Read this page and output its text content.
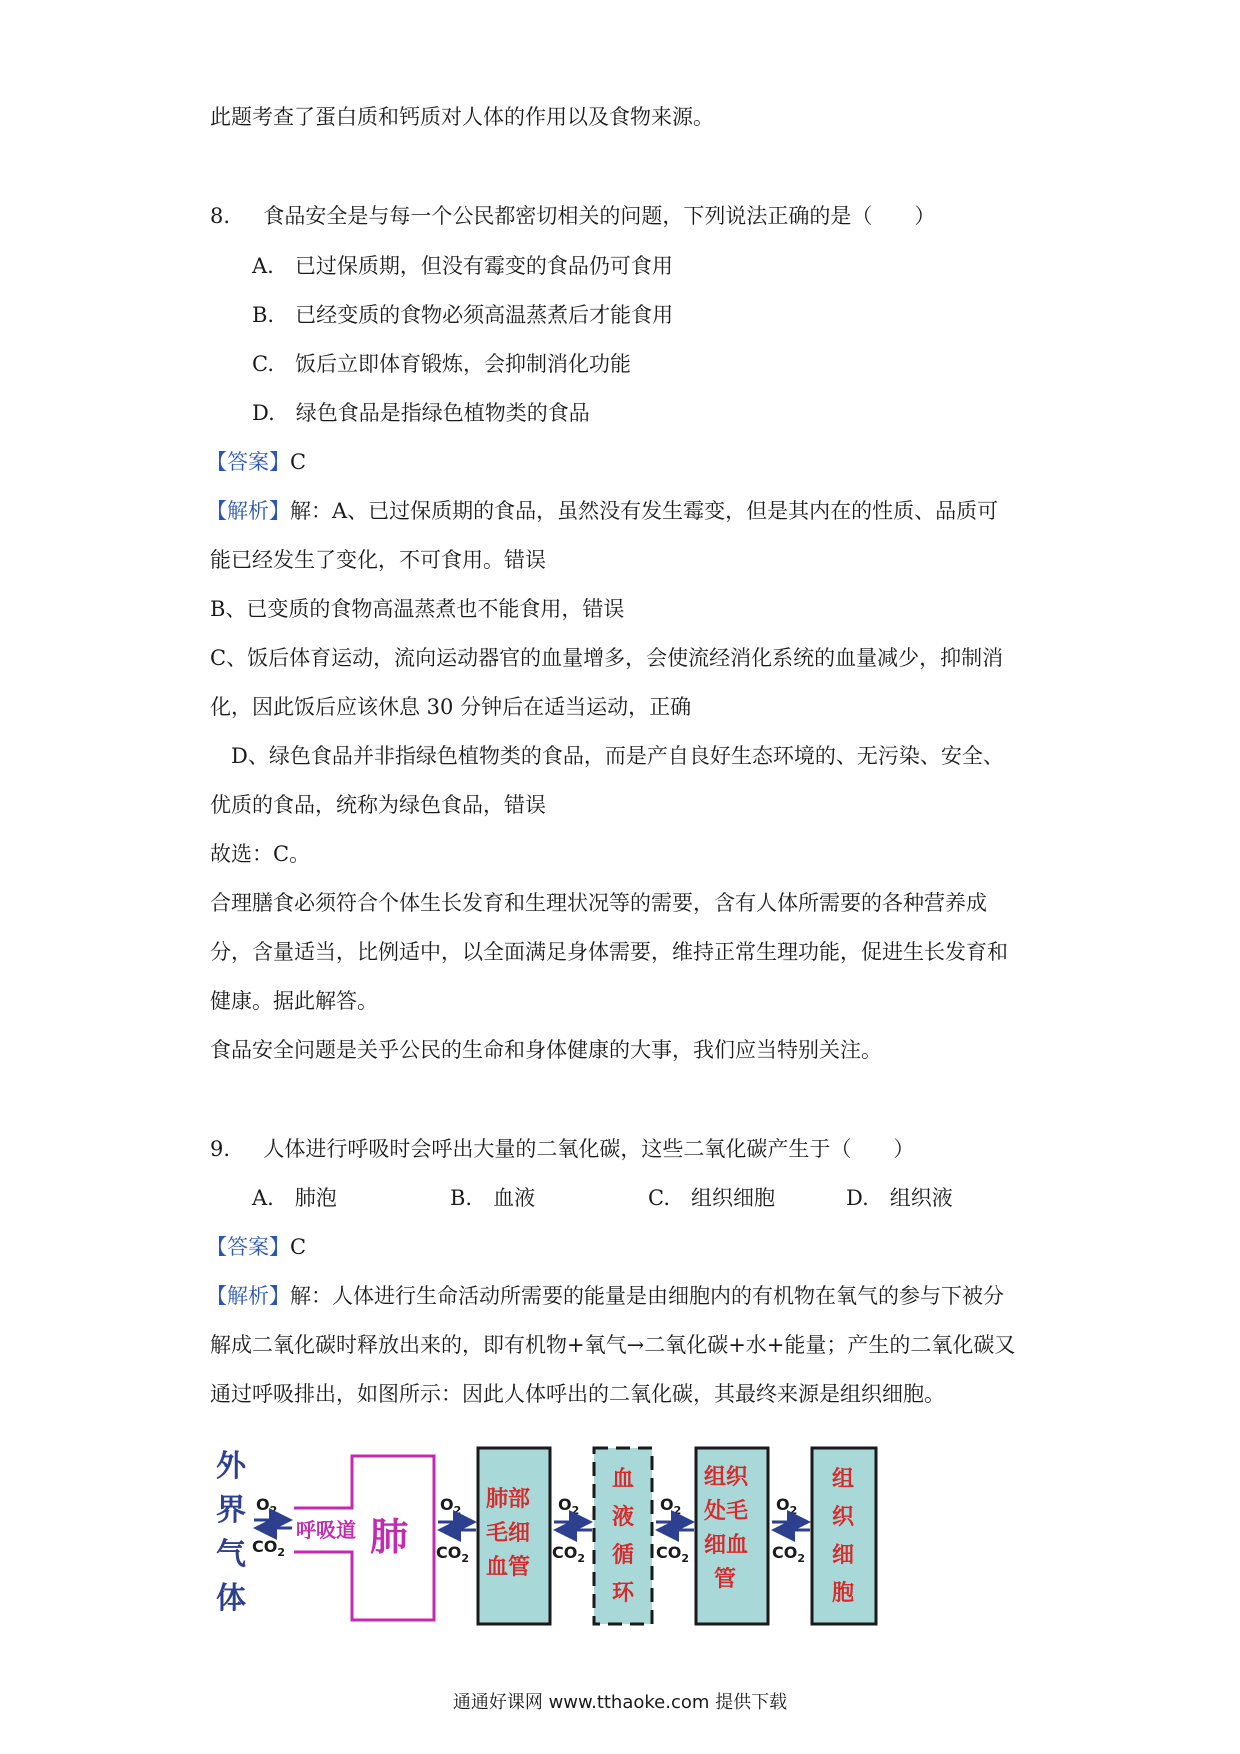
此题考查了蛋白质和钙质对人体的作用以及食物来源。
8. 食品安全是与每一个公民都密切相关的问题，下列说法正确的是（　　）
A.　已过保质期，但没有霉变的食品仍可食用
B.　已经变质的食物必须高温蒸煮后才能食用
C.　饭后立即体育锻炼，会抑制消化功能
D.　绿色食品是指绿色植物类的食品
【答案】C
【解析】解：A、已过保质期的食品，虽然没有发生霉变，但是其内在的性质、品质可
能已经发生了变化，不可食用。错误
B、已变质的食物高温蒸煮也不能食用，错误
C、饭后体育运动，流向运动器官的血量增多，会使流经消化系统的血量减少，抑制消
化，因此饭后应该休息 30 分钟后在适当运动，正确
　D、绿色食品并非指绿色植物类的食品，而是产自良好生态环境的、无污染、安全、
优质的食品，统称为绿色食品，错误
故选：C。
合理膳食必须符合个体生长发育和生理状况等的需要，含有人体所需要的各种营养成
分，含量适当，比例适中，以全面满足身体需要，维持正常生理功能，促进生长发育和
健康。据此解答。
食品安全问题是关乎公民的生命和身体健康的大事，我们应当特别关注。
9. 人体进行呼吸时会呼出大量的二氧化碳，这些二氧化碳产生于（　　）
A.　肺泡	B.　血液	C.　组织细胞	D.　组织液
【答案】C
【解析】解：人体进行生命活动所需要的能量是由细胞内的有机物在氧气的参与下被分
解成二氧化碳时释放出来的，即有机物+氧气→二氧化碳+水+能量；产生的二氧化碳又
通过呼吸排出，如图所示：因此人体呼出的二氧化碳，其最终来源是组织细胞。
外
界
气
体
$O_2$
$CO_2$
呼吸道 肺
$O_2$
$CO_2$
肺部
毛细
血管
$O_2$
$CO_2$
血
液
循
环
$O_2$
$CO_2$
组织
处毛
细血
管
$O_2$
$CO_2$
组
织
细
胞
通通好课网 www.tthaoke.com 提供下载
